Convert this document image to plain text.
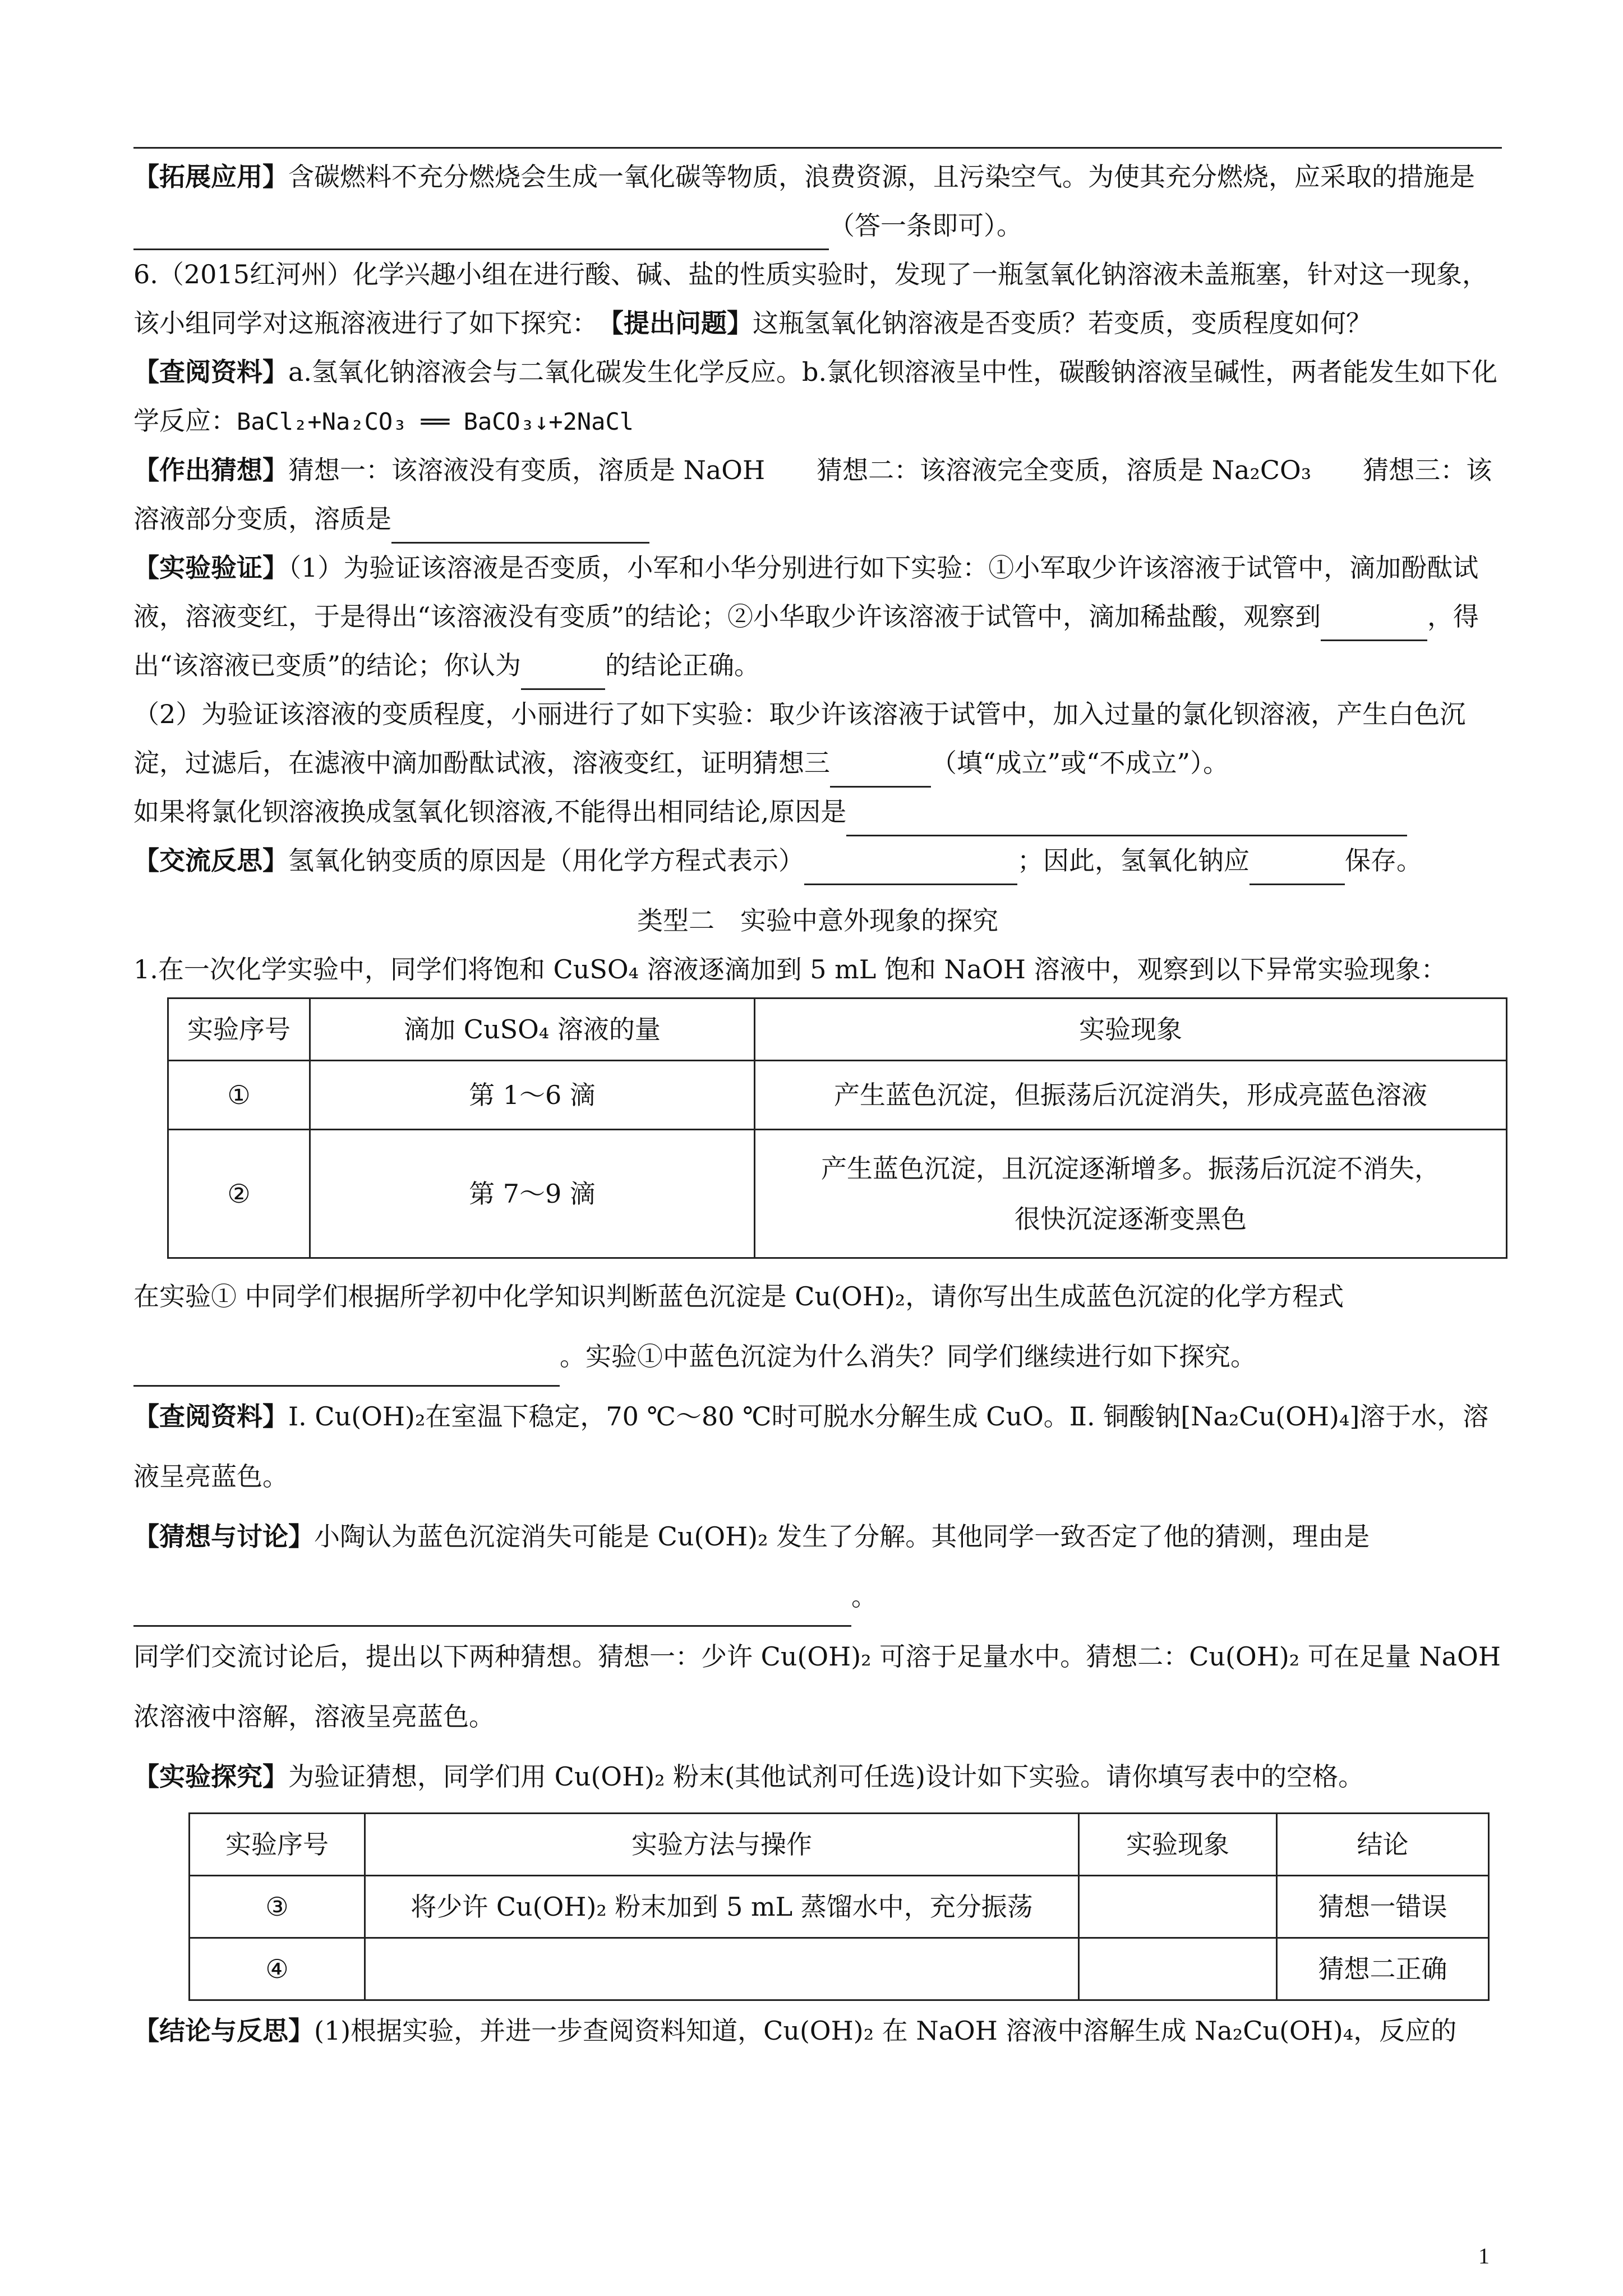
【拓展应用】含碳燃料不充分燃烧会生成一氧化碳等物质，浪费资源，且污染空气。为使其充分燃烧，应采取的措施是（答一条即可）。

6.（2015红河州）化学兴趣小组在进行酸、碱、盐的性质实验时，发现了一瓶氢氧化钠溶液未盖瓶塞，针对这一现象，该小组同学对这瓶溶液进行了如下探究：　 【提出问题】这瓶氢氧化钠溶液是否变质？若变质，变质程度如何？

【查阅资料】a.氢氧化钠溶液会与二氧化碳发生化学反应。b.氯化钡溶液呈中性，碳酸钠溶液呈碱性，两者能发生如下化学反应：BaCl₂+Na₂CO₃ ══ BaCO₃↓+2NaCl

【作出猜想】猜想一：该溶液没有变质，溶质是 NaOH　　 猜想二：该溶液完全变质，溶质是 Na₂CO₃　　 猜想三：该溶液部分变质，溶质是

【实验验证】（1）为验证该溶液是否变质，小军和小华分别进行如下实验：①小军取少许该溶液于试管中，滴加酚酞试液，溶液变红，于是得出“该溶液没有变质”的结论；②小华取少许该溶液于试管中，滴加稀盐酸，观察到	，得出“该溶液已变质”的结论；你认为	的结论正确。

（2）为验证该溶液的变质程度，小丽进行了如下实验：取少许该溶液于试管中，加入过量的氯化钡溶液，产生白色沉淀，过滤后，在滤液中滴加酚酞试液，溶液变红，证明猜想三	（填“成立”或“不成立”）。

如果将氯化钡溶液换成氢氧化钡溶液,不能得出相同结论,原因是

【交流反思】氢氧化钠变质的原因是（用化学方程式表示）	；因此，氢氧化钠应	保存。

类型二　实验中意外现象的探究

1.在一次化学实验中，同学们将饱和 CuSO₄ 溶液逐滴加到 5 mL 饱和 NaOH 溶液中，观察到以下异常实验现象：

实验序号	滴加 CuSO₄ 溶液的量	实验现象
①	第 1～6 滴	产生蓝色沉淀，但振荡后沉淀消失，形成亮蓝色溶液
②	第 7～9 滴	产生蓝色沉淀，且沉淀逐渐增多。振荡后沉淀不消失，
很快沉淀逐渐变黑色

在实验① 中同学们根据所学初中化学知识判断蓝色沉淀是 Cu(OH)₂，请你写出生成蓝色沉淀的化学方程式
。实验①中蓝色沉淀为什么消失？同学们继续进行如下探究。

【查阅资料】Ⅰ. Cu(OH)₂在室温下稳定，70 ℃～80 ℃时可脱水分解生成 CuO。Ⅱ. 铜酸钠[Na₂Cu(OH)₄]溶于水，溶液呈亮蓝色。

【猜想与讨论】小陶认为蓝色沉淀消失可能是 Cu(OH)₂ 发生了分解。其他同学一致否定了他的猜测，理由是
。

同学们交流讨论后，提出以下两种猜想。猜想一：少许 Cu(OH)₂ 可溶于足量水中。猜想二：Cu(OH)₂ 可在足量 NaOH 浓溶液中溶解，溶液呈亮蓝色。

【实验探究】为验证猜想，同学们用 Cu(OH)₂ 粉末(其他试剂可任选)设计如下实验。请你填写表中的空格。

实验序号	实验方法与操作	实验现象	结论
③	将少许 Cu(OH)₂ 粉末加到 5 mL 蒸馏水中，充分振荡		猜想一错误
④			猜想二正确

【结论与反思】(1)根据实验，并进一步查阅资料知道，Cu(OH)₂ 在 NaOH 溶液中溶解生成 Na₂Cu(OH)₄，反应的

1
